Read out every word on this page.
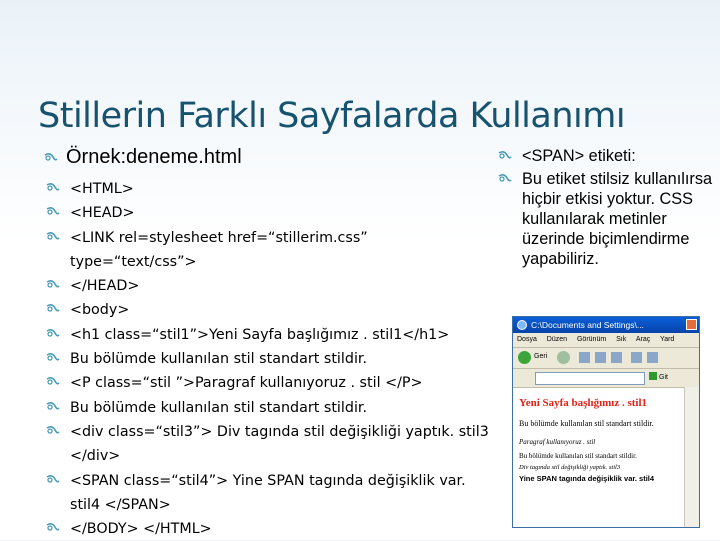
Stillerin Farklı Sayfalarda Kullanımı
Örnek:deneme.html
<HTML>
<HEAD>
<LINK rel=stylesheet href=“stillerim.css” type=“text/css”>
</HEAD>
<body>
<h1 class=“stil1”>Yeni Sayfa başlığımız . stil1</h1>
Bu bölümde kullanılan stil standart stildir.
<P class=“stil ”>Paragraf kullanıyoruz . stil </P>
Bu bölümde kullanılan stil standart stildir.
<div class=“stil3”> Div tagında stil değişikliği yaptık. stil3
</div>
<SPAN class=“stil4”> Yine SPAN tagında değişiklik var.
stil4 </SPAN>
</BODY> </HTML>
<SPAN> etiketi:
Bu etiket stilsiz kullanılırsa hiçbir etkisi yoktur. CSS kullanılarak metinler üzerinde biçimlendirme yapabiliriz.
C:\Documents and Settings\...
Dosya Düzen Görünüm Sık Araç Yard
Geri
Git
Yeni Sayfa başlığımız . stil1
Bu bölümde kullanılan stil standart stildir.
Paragraf kullanıyoruz . stil
Bu bölümde kullanılan stil standart stildir.
Div tagında stil değişikliği yaptık. stil3
Yine SPAN tagında değişiklik var. stil4
